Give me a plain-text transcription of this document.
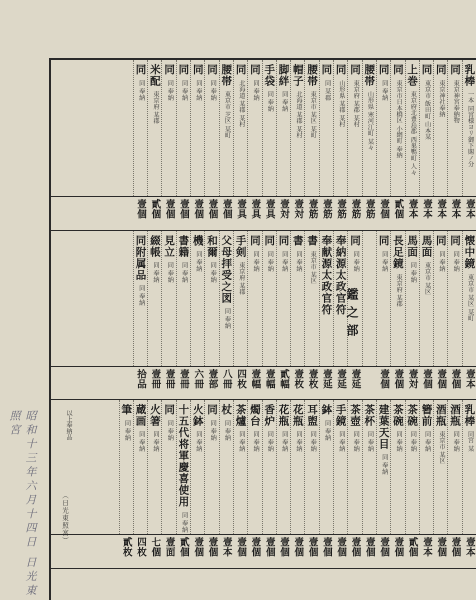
乳棒
一本 同宮様ヨリ御下賜ノ分
同
東京神宮奉納物
同
東京神社奉納
同
東京市 飯田町 山本某
上巻
東京府北豊島郡 西巣鴨町 人々
同
東京市日本橋区 小網町 奉納
同
同 奉納
腰帯
山形県 寒河江町 某々
同
東京府 某郡 某村
同
山形県 某郡 某村
同
同 某郡
腰帯
東京市 某区 某町
帽子
北海道 某郡 某村
脚絆
同 奉納
手袋
同 奉納
同
同 奉納
同
北海道 某郡 某村
腰帯
東京市 芝区 某町
同
同 奉納
同
同 奉納
同
同 奉納
同
同 奉納
米配
東京府 某郡
同
同 奉納
壹本
壹本
壹本
壹本
壹本
貳個
壹個
壹筋
壹筋
壹筋
壹筋
壹筋
壹対
壹対
壹具
壹具
壹具
壹個
壹個
壹個
壹個
壹個
貳個
壹個
懐中鏡
東京市 某区 某町
同
同 奉納
同
同 奉納
馬面
東京市 某区
馬面
同 奉納
長足鏡
東京府 某郡
同
同 奉納
同
同 奉納
奉納源太政官符
奉献源太政官符
書
東京市 某区
書
同 奉納
同
同 奉納
同
同 奉納
同
同 奉納
手剣
東京府 某郡
父母拝受之図
同 奉納
和爾
同 奉納
機
同 奉納
書籍
同 奉納
見立
同 奉納
綴帳
同 奉納
同附属品
同 奉納	鑑之部
壹本
壹個
壹個
壹個
壹対
壹個
壹個
壹延
壹延
壹延
壹枚
壹枚
貳幅
壹幅
壹幅
四枚
八冊
壹部
六冊
壹冊
壹冊
壹冊
拾品
乳棒
同宮 某
酒瓶
同 奉納
酒瓶
東京市 某区
簪前
同 奉納
茶碗
同 奉納
茶碗
同 奉納
建葉天目
同 奉納
茶杯
同 奉納
茶壺
同 奉納
手鏡
同 奉納
鉢
同 奉納
耳盥
同 奉納
花瓶
同 奉納
花瓶
同 奉納
香炉
同 奉納
燭台
同 奉納
茶爐
同 奉納
杖
同 奉納
同
同 奉納
火鉢
同 奉納
十五代将軍慶喜使用
同 奉納
同
同 奉納
火箸
同 奉納
蔵画
同 奉納
筆
同 奉納
壹本
壹個
壹個
壹本
貳個
壹個
壹個
壹個
壹個
壹個
壹個
壹個
壹個
壹個
壹個
壹個
壹個
壹本
壹個
壹個
貳個
壹面
七個
四枚
貳枚
以上奉納品
（日光東照宮）
昭和十三年六月十四日 日光東照宮
